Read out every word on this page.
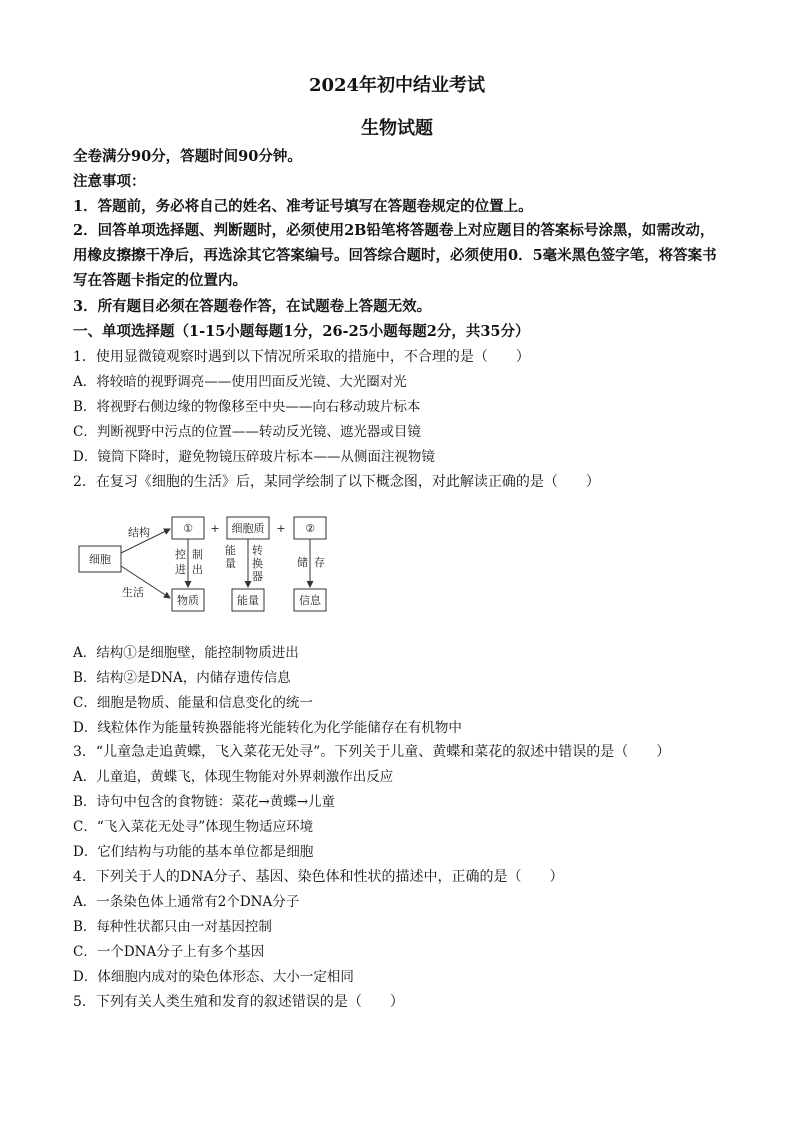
2024年初中结业考试
生物试题
全卷满分90分，答题时间90分钟。
注意事项：
1．答题前，务必将自己的姓名、准考证号填写在答题卷规定的位置上。
2．回答单项选择题、判断题时，必须使用2B铅笔将答题卷上对应题目的答案标号涂黑，如需改动，用橡皮擦擦干净后，再选涂其它答案编号。回答综合题时，必须使用0．5毫米黑色签字笔，将答案书写在答题卡指定的位置内。
3．所有题目必须在答题卷作答，在试题卷上答题无效。
一、单项选择题（1-15小题每题1分，26-25小题每题2分，共35分）
1．使用显微镜观察时遇到以下情况所采取的措施中，不合理的是（　　）
A．将较暗的视野调亮——使用凹面反光镜、大光圈对光
B．将视野右侧边缘的物像移至中央——向右移动玻片标本
C．判断视野中污点的位置——转动反光镜、遮光器或目镜
D．镜筒下降时，避免物镜压碎玻片标本——从侧面注视物镜
2．在复习《细胞的生活》后，某同学绘制了以下概念图，对此解读正确的是（　　）
细胞
结构
生活
① + 细胞质 + ②
控 制
进 出
能
量
转
换
器
储 存
物质	能量	信息
A．结构①是细胞壁，能控制物质进出
B．结构②是DNA，内储存遗传信息
C．细胞是物质、能量和信息变化的统一
D．线粒体作为能量转换器能将光能转化为化学能储存在有机物中
3．“儿童急走追黄蝶，飞入菜花无处寻”。下列关于儿童、黄蝶和菜花的叙述中错误的是（　　）
A．儿童追，黄蝶飞，体现生物能对外界刺激作出反应
B．诗句中包含的食物链：菜花→黄蝶→儿童
C．“飞入菜花无处寻”体现生物适应环境
D．它们结构与功能的基本单位都是细胞
4．下列关于人的DNA分子、基因、染色体和性状的描述中，正确的是（　　）
A．一条染色体上通常有2个DNA分子
B．每种性状都只由一对基因控制
C．一个DNA分子上有多个基因
D．体细胞内成对的染色体形态、大小一定相同
5．下列有关人类生殖和发育的叙述错误的是（　　）
